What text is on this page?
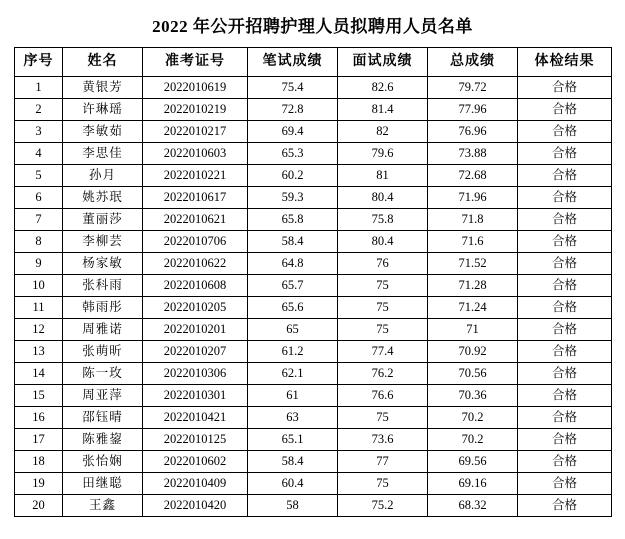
2022 年公开招聘护理人员拟聘用人员名单
序号	姓名	准考证号	笔试成绩	面试成绩	总成绩	体检结果
1	黄银芳	2022010619	75.4	82.6	79.72	合格
2	许琳瑶	2022010219	72.8	81.4	77.96	合格
3	李敏茹	2022010217	69.4	82	76.96	合格
4	李思佳	2022010603	65.3	79.6	73.88	合格
5	孙月	2022010221	60.2	81	72.68	合格
6	姚苏珉	2022010617	59.3	80.4	71.96	合格
7	董丽莎	2022010621	65.8	75.8	71.8	合格
8	李柳芸	2022010706	58.4	80.4	71.6	合格
9	杨家敏	2022010622	64.8	76	71.52	合格
10	张科雨	2022010608	65.7	75	71.28	合格
11	韩雨彤	2022010205	65.6	75	71.24	合格
12	周雅诺	2022010201	65	75	71	合格
13	张萌昕	2022010207	61.2	77.4	70.92	合格
14	陈一玫	2022010306	62.1	76.2	70.56	合格
15	周亚萍	2022010301	61	76.6	70.36	合格
16	邵钰晴	2022010421	63	75	70.2	合格
17	陈雅鋆	2022010125	65.1	73.6	70.2	合格
18	张怡娴	2022010602	58.4	77	69.56	合格
19	田继聪	2022010409	60.4	75	69.16	合格
20	王鑫	2022010420	58	75.2	68.32	合格
